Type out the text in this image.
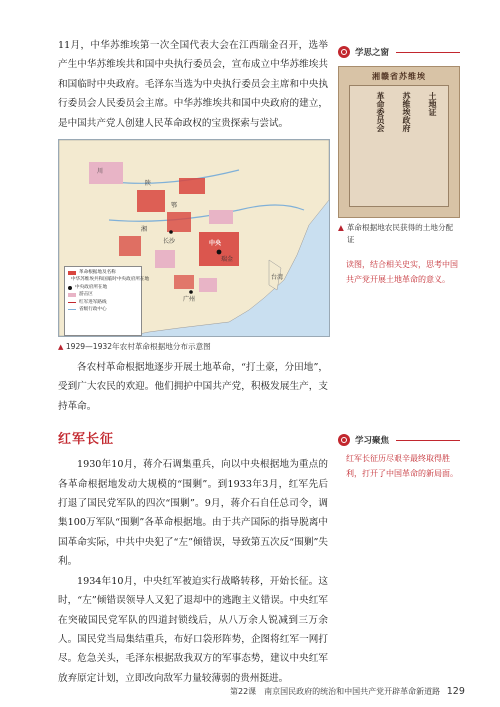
11月，中华苏维埃第一次全国代表大会在江西瑞金召开，选举产生中华苏维埃共和国中央执行委员会，宣布成立中华苏维埃共和国临时中央政府。毛泽东当选为中央执行委员会主席和中央执行委员会人民委员会主席。中华苏维埃共和国中央政府的建立，是中国共产党人创建人民革命政权的宝贵探索与尝试。

川
陕
湘
鄂
长沙
瑞金
广州
中央
台湾
革命根据地及名称
中华苏维埃共和国临时中央政府所在地
中央政府所在地
游击区
红军进军路线
省级行政中心

▲ 1929—1932年农村革命根据地分布示意图

各农村革命根据地逐步开展土地革命，“打土豪，分田地”，受到广大农民的欢迎。他们拥护中国共产党，积极发展生产，支持革命。

红军长征

1930年10月，蒋介石调集重兵，向以中央根据地为重点的各革命根据地发动大规模的“围剿”。到1933年3月，红军先后打退了国民党军队的四次“围剿”。9月，蒋介石自任总司令，调集100万军队“围剿”各革命根据地。由于共产国际的指导脱离中国革命实际，中共中央犯了“左”倾错误，导致第五次反“围剿”失利。

1934年10月，中央红军被迫实行战略转移，开始长征。这时，“左”倾错误领导人又犯了退却中的逃跑主义错误。中央红军在突破国民党军队的四道封锁线后，从八万余人锐减到三万余人。国民党当局集结重兵，布好口袋形阵势，企图将红军一网打尽。危急关头，毛泽东根据敌我双方的军事态势，建议中央红军放弃原定计划，立即改向敌军力量较薄弱的贵州挺进。

学思之窗
湘赣省苏维埃
土地证
苏维埃政府
革命委员会
▲ 革命根据地农民获得的土地分配证
读图，结合相关史实，思考中国共产党开展土地革命的意义。
学习聚焦
红军长征历尽艰辛最终取得胜利，打开了中国革命的新局面。
第22课　南京国民政府的统治和中国共产党开辟革命新道路 129
